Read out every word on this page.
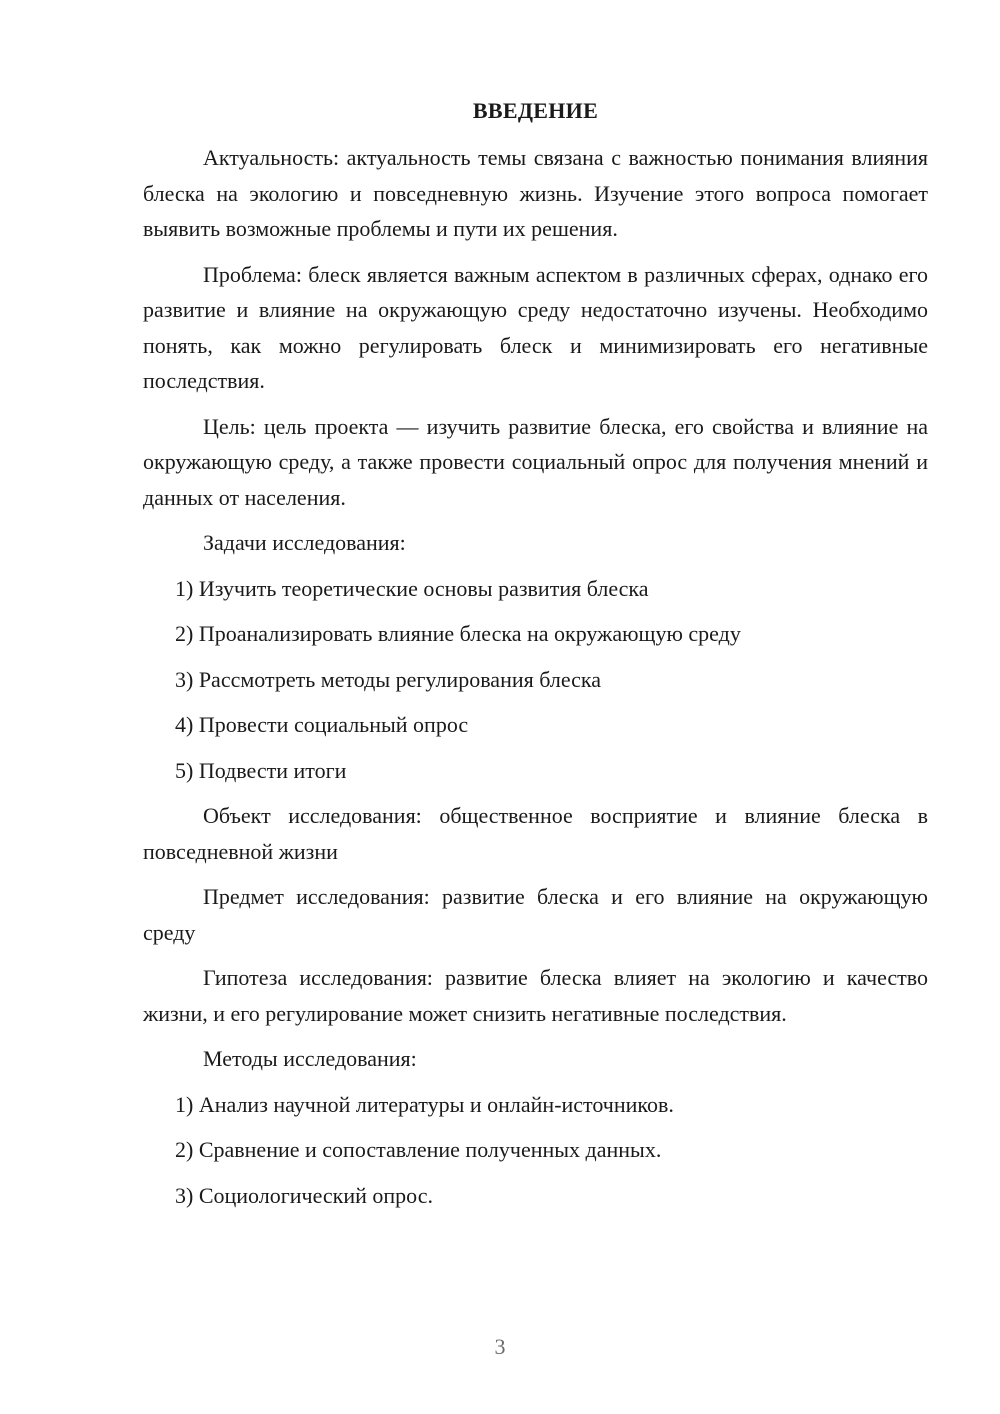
ВВЕДЕНИЕ

Актуальность: актуальность темы связана с важностью понимания влияния блеска на экологию и повседневную жизнь. Изучение этого вопроса помогает выявить возможные проблемы и пути их решения.

Проблема: блеск является важным аспектом в различных сферах, однако его развитие и влияние на окружающую среду недостаточно изучены. Необходимо понять, как можно регулировать блеск и минимизировать его негативные последствия.

Цель: цель проекта — изучить развитие блеска, его свойства и влияние на окружающую среду, а также провести социальный опрос для получения мнений и данных от населения.

Задачи исследования:

1) Изучить теоретические основы развития блеска

2) Проанализировать влияние блеска на окружающую среду

3) Рассмотреть методы регулирования блеска

4) Провести социальный опрос

5) Подвести итоги

Объект исследования: общественное восприятие и влияние блеска в повседневной жизни

Предмет исследования: развитие блеска и его влияние на окружающую среду

Гипотеза исследования: развитие блеска влияет на экологию и качество жизни, и его регулирование может снизить негативные последствия.

Методы исследования:

1) Анализ научной литературы и онлайн-источников.

2) Сравнение и сопоставление полученных данных.

3) Социологический опрос.

3
